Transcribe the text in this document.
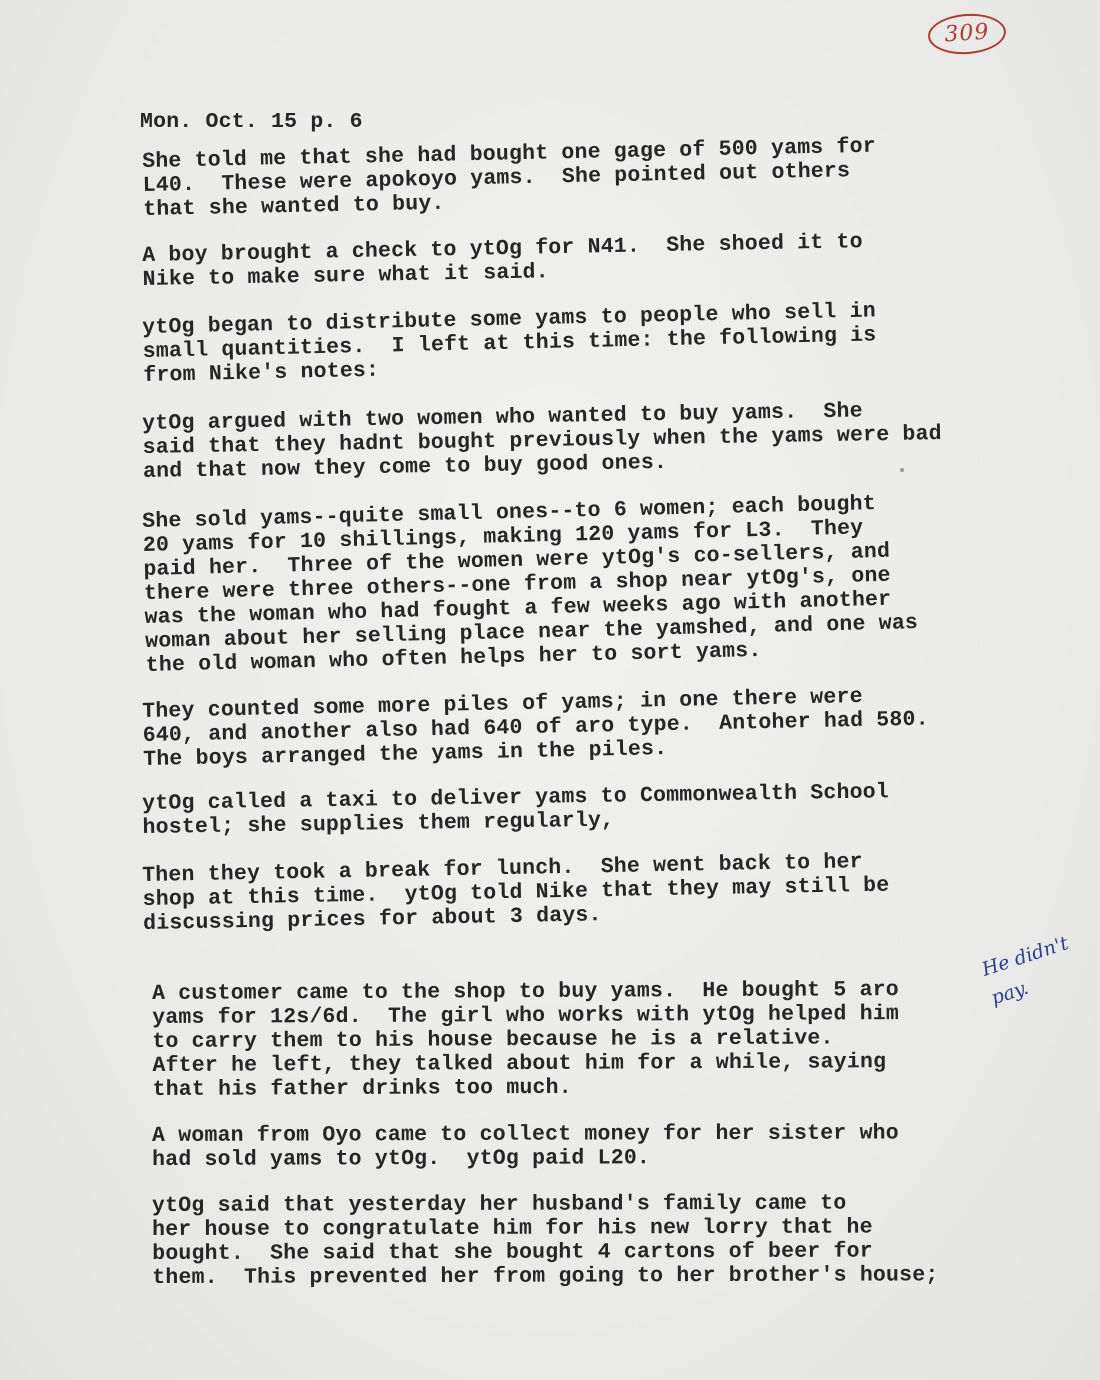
309
Mon. Oct. 15 p. 6
She told me that she had bought one gage of 500 yams for
L40.  These were apokoyo yams.  She pointed out others
that she wanted to buy.
A boy brought a check to ytOg for N41.  She shoed it to
Nike to make sure what it said.
ytOg began to distribute some yams to people who sell in
small quantities.  I left at this time: the following is
from Nike's notes:
ytOg argued with two women who wanted to buy yams.  She
said that they hadnt bought previously when the yams were bad
and that now they come to buy good ones.
She sold yams--quite small ones--to 6 women; each bought
20 yams for 10 shillings, making 120 yams for L3.  They
paid her.  Three of the women were ytOg's co-sellers, and
there were three others--one from a shop near ytOg's, one
was the woman who had fought a few weeks ago with another
woman about her selling place near the yamshed, and one was
the old woman who often helps her to sort yams.
They counted some more piles of yams; in one there were
640, and another also had 640 of aro type.  Antoher had 580.
The boys arranged the yams in the piles.
ytOg called a taxi to deliver yams to Commonwealth School
hostel; she supplies them regularly,
Then they took a break for lunch.  She went back to her
shop at this time.  ytOg told Nike that they may still be
discussing prices for about 3 days.
A customer came to the shop to buy yams.  He bought 5 aro
yams for 12s/6d.  The girl who works with ytOg helped him
to carry them to his house because he is a relative.
After he left, they talked about him for a while, saying
that his father drinks too much.
A woman from Oyo came to collect money for her sister who
had sold yams to ytOg.  ytOg paid L20.
ytOg said that yesterday her husband's family came to
her house to congratulate him for his new lorry that he
bought.  She said that she bought 4 cartons of beer for
them.  This prevented her from going to her brother's house;
He didn't
pay.
